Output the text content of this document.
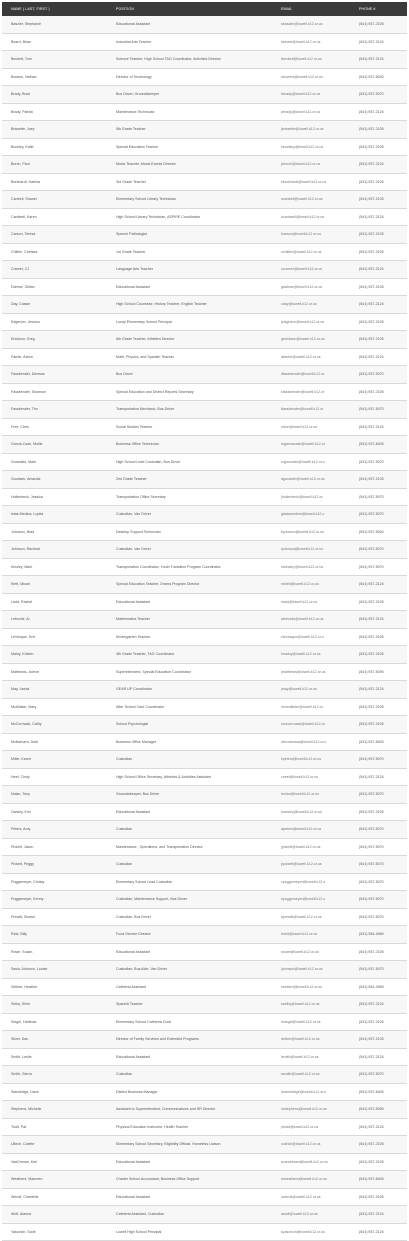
NAME ( LAST, FIRST )	POSITION	EMAIL	PHONE #
Baszler, Stephanie	Educational Assistant	sbaszler@lowell.k12.or.us	(541) 937-2105
Beard, Brian	Industrial Arts Teacher	bbeard@lowell.k12.or.us	(541) 937-2124
Beckett, Tom	Science Teacher, High School TAG Coordinator, Activities Director	tbeckett@lowell.k12.or.us	(541) 937-2124
Bowers, Nathan	Director of Technology	nbowers@lowell.k12.or.us	(541) 937-5040
Brady, Brad	Bus Driver, Groundskeeper	bbrady@lowell.k12.or.us	(541) 937-5070
Brady, Patrick	Maintenance Technician	pbrady@lowell.k12.or.us	(541) 937-2124
Brissette, Joey	5th Grade Teacher	jbrissette@lowell.k12.or.us	(541) 937-2105
Buckley, Katie	Special Education Teacher	kbuckley@lowell.k12.or.us	(541) 937-2105
Burch, Paul	Music Teacher, Music Events Director	pburch@lowell.k12.or.us	(541) 937-2124
Burkhardt, Katrina	3rd Grade Teacher	kburkhardt@lowell.k12.or.us	(541) 937-2105
Cantrell, Shanel	Elementary School Library Technician	scantrell@lowell.k12.or.us	(541) 937-2105
Cardwell, Karen	High School Library Technician, ASPIRE Coordinator	kcardwell@lowell.k12.or.us	(541) 937-2124
Carson, Teresa	Speech Pathologist	tcarson@lowell.k12.or.us	(541) 937-2105
Chittim, Chelsea	1st Grade Teacher	cchittim@lowell.k12.or.us	(541) 937-2105
Cramer, CJ	Language Arts Teacher	ccramer@lowell.k12.or.us	(541) 937-2124
Dahme, Gillian	Educational Assistant	gdahme@lowell.k12.or.us	(541) 937-2105
Day, Cassie	High School Counselor, History Teacher, English Teacher	cday@lowell.k12.or.us	(541) 937-2124
Edgerton, Jessica	Lundy Elementary School Principal	jedgerton@lowell.k12.or.us	(541) 937-2105
Erickson, Greg	6th Grade Teacher, Athletics Director	gerickson@lowell.k12.or.us	(541) 937-2105
Farrier, Aaron	Math, Physics, and Spanish Teacher	afarrier@lowell.k12.or.us	(541) 937-2124
Fassbender, Denisse	Bus Driver	dfassbender@lowell.k12.or	(541) 937-5070
Fassbender, Shannon	Special Education and District Reports Secretary	sfassbender@lowell.k12.or	(541) 937-2105
Fassbender, Tim	Transportation Mechanic, Bus Driver	tfassbender@lowell.k12.or	(541) 937-5070
Free, Chris	Social Studies Teacher	cfree@lowell.k12.or.us	(541) 937-2124
Garcia-Cash, Mollie	Business Office Technician	mgarciacash@lowell.k12.or	(541) 937-8405
Gonzales, Mark	High School Lead Custodian, Bus Driver	mgonzales@lowell.k12.or.u	(541) 937-5070
Goodwin, Amanda	2nd Grade Teacher	agoodwin@lowell.k12.or.us	(541) 937-2105
Hollenbeck, Jessica	Transportation Office Secretary	jhollenbeck@lowell.k12.or.	(541) 937-5070
Islas-Medina, Lupita	Custodian, Van Driver	gislasmedina@lowell.k12.o	(541) 937-5070
Johnson, Brad	Desktop Support Technician	bjohnson@lowell.k12.or.us	(541) 937-5040
Johnson, Racheal	Custodian, Van Driver	rjohnson@lowell.k12.or.us	(541) 937-5070
Kinzley, Mark	Transportation Coordinator, Youth Transition Program Coordinator	mkinzley@lowell.k12.or.us	(541) 937-5070
Klett, Micah	Special Education Teacher, Drama Program Director	mklett@lowell.k12.or.us	(541) 937-2124
Ladd, Rachel	Educational Assistant	rladd@lowell.k12.or.us	(541) 937-2105
Lebovitz, Al	Mathematics Teacher	alebovitz@lowell.k12.or.us	(541) 937-2124
LeVesque, Erin	Kindergarten Teacher	elevesque@lowell.k12.or.u	(541) 937-2105
Maloy, Kristen	4th Grade Teacher, TAG Coordinator	kmaloy@lowell.k12.or.us	(541) 937-2105
Matthews, Jolene	Superintendent, Special Education Coordinator	jmatthews@lowell.k12.or.us	(541) 937-5095
May, Jaeda	GEAR UP Coordinator	jmay@lowell.k12.or.us	(541) 937-2124
McAllister, Mary	After School Care Coordinator	mmcallister@lowell.k12.or.	(541) 937-2105
McCormack, Cathy	School Psychologist	cmccormack@lowell.k12.or.	(541) 937-2105
McNamara, Dobi	Business Office Manager	dmcnamara@lowell.k12.or.u	(541) 937-8405
Miller, Karen	Custodian	kpeters@lowell.k12.or.us	(541) 937-5070
Neet, Cindy	High School Office Secretary, Athletics & Activities Assistant	cneet@lowell.k12.or.us	(541) 937-2124
Nolan, Tony	Groundskeeper, Bus Driver	tnolan@lowell.k12.or.us	(541) 937-5070
Owsley, Kim	Educational Assistant	kowsley@lowell.k12.or.us	(541) 937-2105
Peters, Amy	Custodian	apeters@lowell.k12.or.us	(541) 937-5070
Pickett, Jason	Maintenance , Operations, and Transportation Director	jpickett@lowell.k12.or.us	(541) 937-5070
Pickett, Peggy	Custodian	ppickett@lowell.k12.or.us	(541) 937-5070
Poggemeyer, Christy	Elementary School Lead Custodian	cpoggemeyer@lowell.k12.o	(541) 937-5070
Poggemeyer, Kenny	Custodian, Maintenance Support, Bus Driver	kpoggemeyer@lowell.k12.o	(541) 937-5070
Prewitt, Shawn	Custodian, Bus Driver	sprewitt@lowell.k12.or.us	(541) 937-5070
Reid, Billy	Food Service Director	breid@lowell.k12.or.us	(541) 554-4969
Rowe, Susan	Educational Assistant	srowe@lowell.k12.or.us	(541) 937-2105
Savio-Johnson, Louise	Custodian, Bus Aide, Van Driver	ljohnson@lowell.k12.or.us	(541) 937-5070
Seibert, Heather	Cafeteria Assistant	hseibert@lowell.k12.or.us	(541) 554-4969
Selby, Shire	Spanish Teacher	sselby@lowell.k12.or.us	(541) 937-2124
Siegel, Harlinda	Elementary School Cafeteria Cook	hsiegel@lowell.k12.or.us	(541) 937-2105
Silver, Dan	Director of Family Services and Extended Programs	dsilver@lowell.k12.or.us	(541) 937-2105
Smith, Leslie	Educational Assistant	lsmith@lowell.k12.or.us	(541) 937-2124
Smith, Sierra	Custodian	ssmith@lowell.k12.or.us	(541) 937-5070
Standridge, Dave	District Business Manager	dstandridge@lowell.k12.or.u	(541) 937-8405
Stephens, Michelle	Assistant to Superintendent, Communications and HR Director	mstephens@lowell.k12.or.us	(541) 937-5095
Todd, Pat	Physical Education Instructor, Health Teacher	ptodd@lowell.k12.or.us	(541) 937-2124
Ullrich, Colette	Elementary School Secretary, Eligibility Official, Homeless Liaison	cullrich@lowell.k12.or.us	(541) 937-2105
VanDriman, Keri	Educational Assistant	kvandriman@lowell.k12.or.us	(541) 937-2105
Weathers, Maureen	Charter School Accountant, Business Office Support	mweathers@lowell.k12.or.us	(541) 937-8405
Wendt, Chantelle	Educational Assistant	cwendt@lowell.k12.or.us	(541) 937-2105
Wolf, Alanna	Cafeteria Assistant, Custodian	awolf@lowell.k12.or.us	(541) 937-2124
Yakovich, Scott	Lowell High School Principal	syakovich@lowell.k12.or.us	(541) 937-2124
